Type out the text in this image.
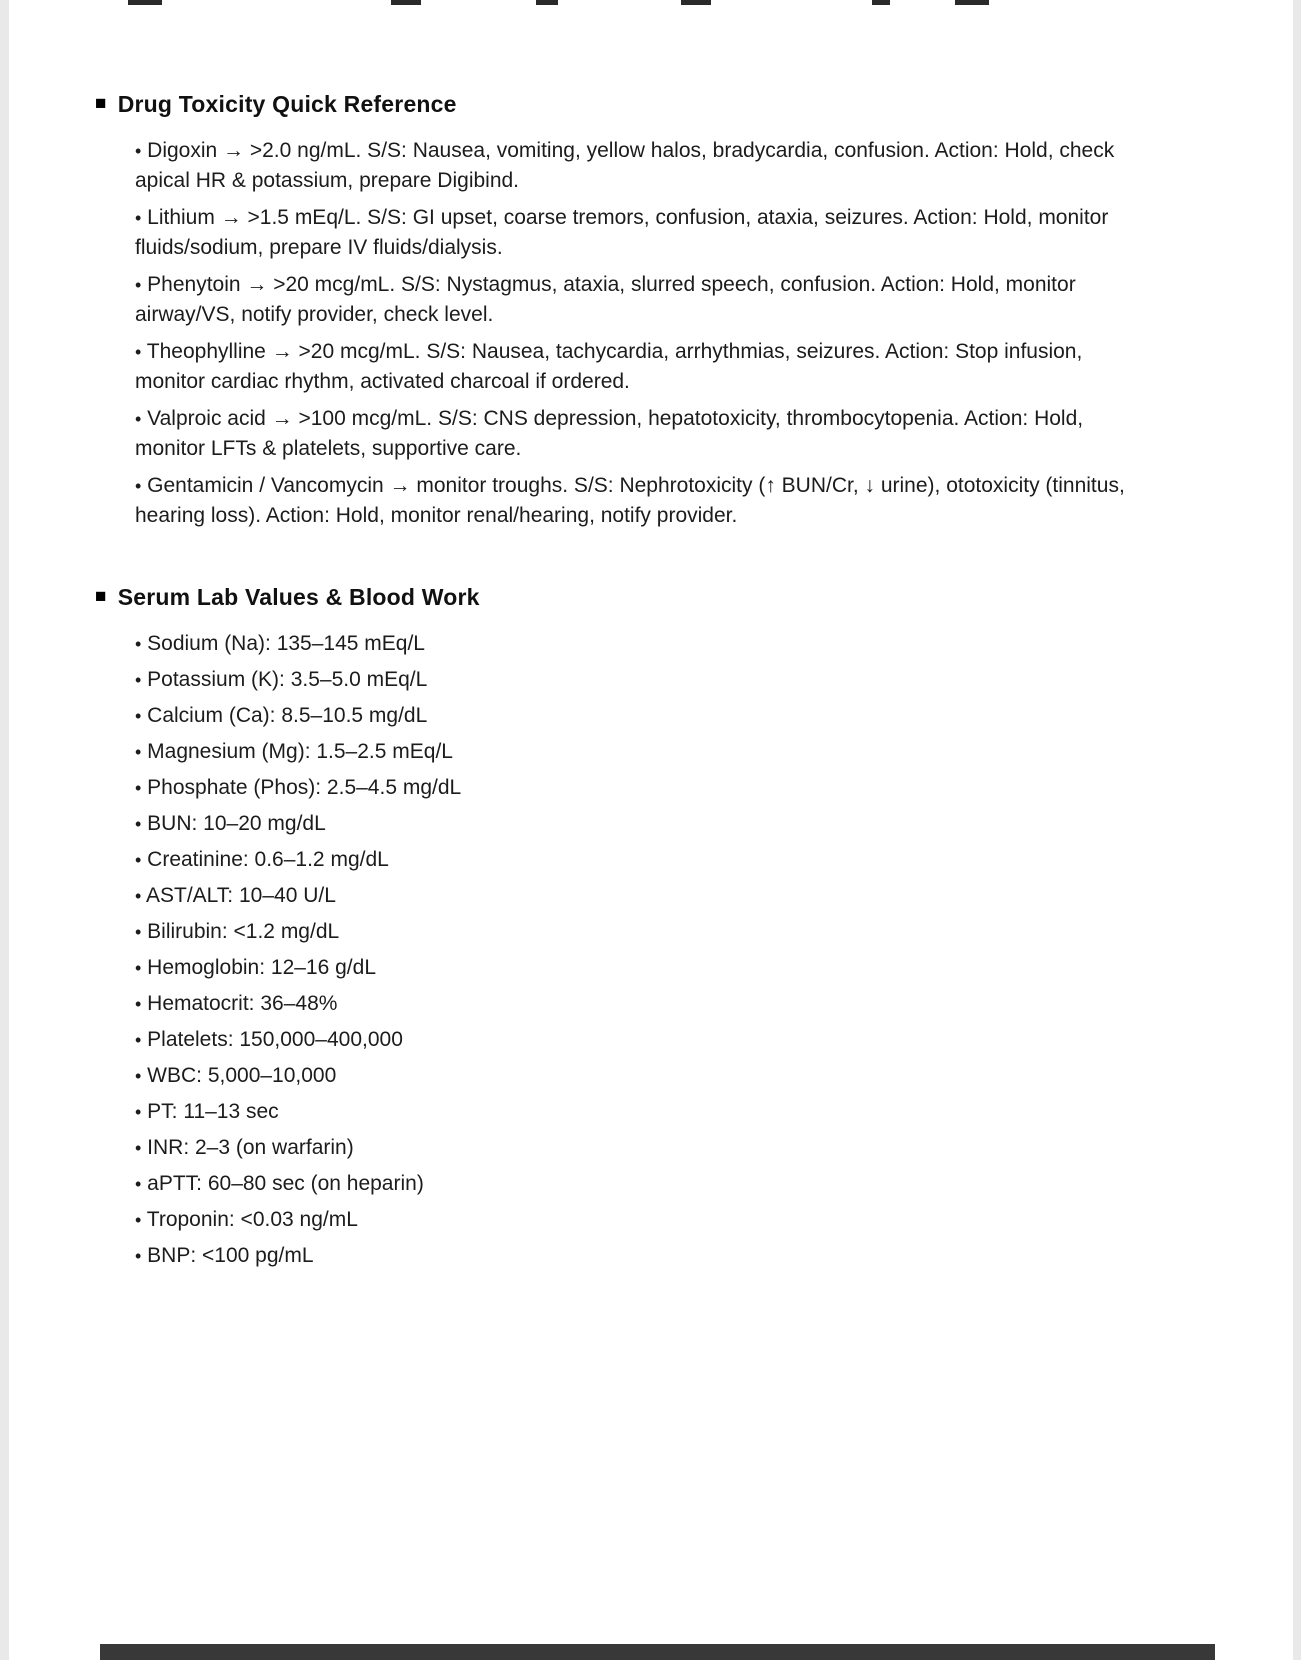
■ Drug Toxicity Quick Reference
• Digoxin → >2.0 ng/mL. S/S: Nausea, vomiting, yellow halos, bradycardia, confusion. Action: Hold, check apical HR & potassium, prepare Digibind.
• Lithium → >1.5 mEq/L. S/S: GI upset, coarse tremors, confusion, ataxia, seizures. Action: Hold, monitor fluids/sodium, prepare IV fluids/dialysis.
• Phenytoin → >20 mcg/mL. S/S: Nystagmus, ataxia, slurred speech, confusion. Action: Hold, monitor airway/VS, notify provider, check level.
• Theophylline → >20 mcg/mL. S/S: Nausea, tachycardia, arrhythmias, seizures. Action: Stop infusion, monitor cardiac rhythm, activated charcoal if ordered.
• Valproic acid → >100 mcg/mL. S/S: CNS depression, hepatotoxicity, thrombocytopenia. Action: Hold, monitor LFTs & platelets, supportive care.
• Gentamicin / Vancomycin → monitor troughs. S/S: Nephrotoxicity (↑ BUN/Cr, ↓ urine), ototoxicity (tinnitus, hearing loss). Action: Hold, monitor renal/hearing, notify provider.
■ Serum Lab Values & Blood Work
• Sodium (Na): 135–145 mEq/L
• Potassium (K): 3.5–5.0 mEq/L
• Calcium (Ca): 8.5–10.5 mg/dL
• Magnesium (Mg): 1.5–2.5 mEq/L
• Phosphate (Phos): 2.5–4.5 mg/dL
• BUN: 10–20 mg/dL
• Creatinine: 0.6–1.2 mg/dL
• AST/ALT: 10–40 U/L
• Bilirubin: <1.2 mg/dL
• Hemoglobin: 12–16 g/dL
• Hematocrit: 36–48%
• Platelets: 150,000–400,000
• WBC: 5,000–10,000
• PT: 11–13 sec
• INR: 2–3 (on warfarin)
• aPTT: 60–80 sec (on heparin)
• Troponin: <0.03 ng/mL
• BNP: <100 pg/mL
